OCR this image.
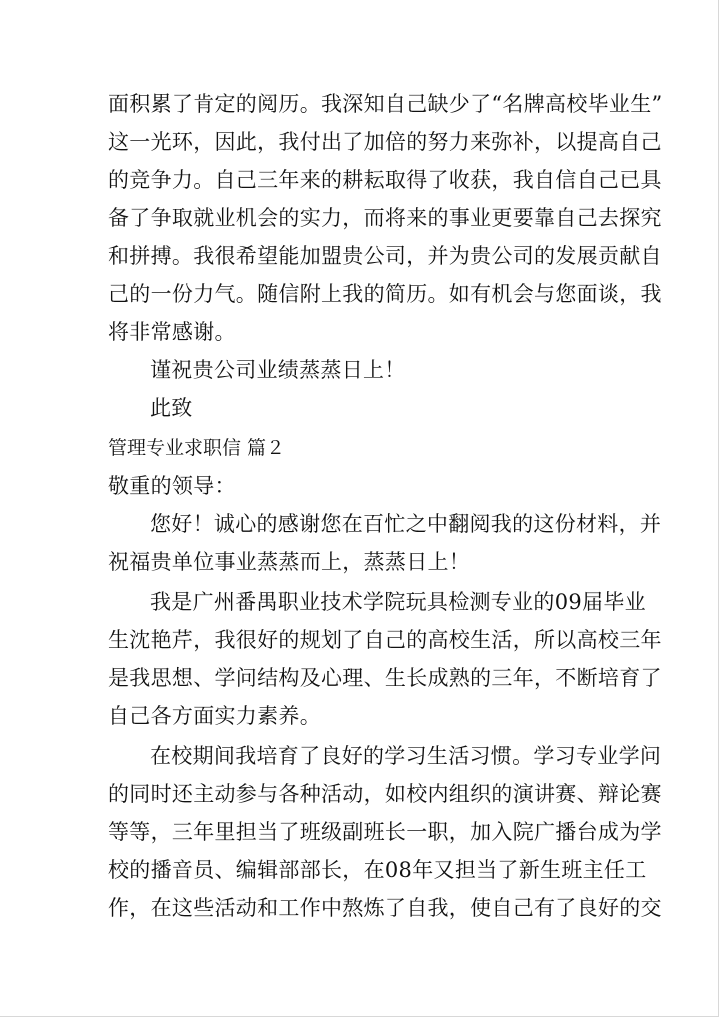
面积累了肯定的阅历。我深知自己缺少了“名牌高校毕业生”
这一光环，因此，我付出了加倍的努力来弥补，以提高自己
的竞争力。自己三年来的耕耘取得了收获，我自信自己已具
备了争取就业机会的实力，而将来的事业更要靠自己去探究
和拼搏。我很希望能加盟贵公司，并为贵公司的发展贡献自
己的一份力气。随信附上我的简历。如有机会与您面谈，我
将非常感谢。
谨祝贵公司业绩蒸蒸日上！
此致
管理专业求职信 篇２
敬重的领导：
您好！诚心的感谢您在百忙之中翻阅我的这份材料，并
祝福贵单位事业蒸蒸而上，蒸蒸日上！
我是广州番禺职业技术学院玩具检测专业的09届毕业
生沈艳芹，我很好的规划了自己的高校生活，所以高校三年
是我思想、学问结构及心理、生长成熟的三年，不断培育了
自己各方面实力素养。
在校期间我培育了良好的学习生活习惯。学习专业学问
的同时还主动参与各种活动，如校内组织的演讲赛、辩论赛
等等，三年里担当了班级副班长一职，加入院广播台成为学
校的播音员、编辑部部长，在08年又担当了新生班主任工
作，在这些活动和工作中熬炼了自我，使自己有了良好的交
